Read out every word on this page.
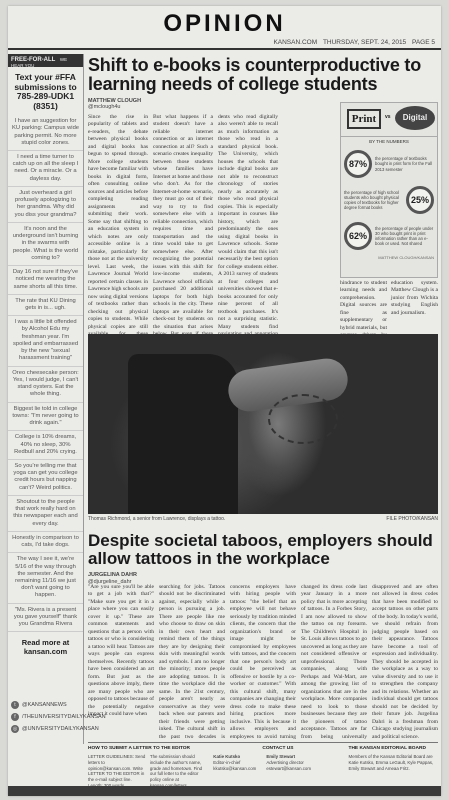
OPINION
KANSAN.COM THURSDAY, SEPT. 24, 2015 PAGE 5
FREE-FOR-ALL WE HEAR YOU
Text your #FFA submissions to 785-289-UDK1 (8351)
I have an suggestion for KU parking: Campus wide parking permit. No more stupid color zones.
I need a time turner to catch up on all the sleep I need. Or a miracle. Or a dayless day.
Just overheard a girl profusely apologizing to her grandma. Why did you diss your grandma?
It's noon and the underground isn't burning in the swarms with people. What is the world coming to?
Day 16 not sure if they've noticed me wearing the same shorts all this time.
The rate that KU Dining gets in is... ugh.
I was a little bit offended by Alcohol Edu my freshman year. I'm spoiled and embarrassed by the new "sexual harassment training"
Oreo cheesecake person: Yes, I would judge, I can't stand oysters. Eat the whole thing.
Biggest lie told in college towns: "I'm never going to drink again."
College is 10% dreams, 40% no sleep, 30% Redbull and 20% crying.
So you're telling me that yoga can get you college credit hours but napping can't? Weird politics.
Shoutout to the people that work really hard on this newspaper each and every day.
Honestly in comparison to cats, I'd take dogs.
The way I see it, we're 5/16 of the way through the semester. And the remaining 11/16 we just don't want going to happen.
"Ms. Rivera is a present you gave yourself" thank you Grandma Rivera
Read more at kansan.com
t	@KANSANNEWS
f	/THEUNIVERSITYDAILYKANSAN
◎ @UNIVERSITYDAILYKANSAN
Shift to e-books is counterproductive to learning needs of college students
MATTHEW CLOUGH
@mclough4u
Since the rise in popularity of tablets and e-readers, the debate between physical books and digital books has begun to spread through. More college students have become familiar with books in digital form, often consulting online sources and articles before completing reading assignments and submitting their work. Some say that shifting to an education system in which notes are only accessible online is a mistake, particularly for those not at the university level. Last week, the Lawrence Journal World reported certain classes in Lawrence high schools are now using digital versions of textbooks rather than checking out physical copies to students. While physical copies are still
But what happens if a student doesn't have a reliable internet connection or an internet connection at all? Such a scenario creates inequality between those students whose families have Internet at home and those who don't. As for the Internet-at-home scenario, they must go out of their way to try to find somewhere else with a reliable connection, which requires time and transportation and the time would take to get somewhere else. After recognizing the potential issues with this shift for low-income students, Lawrence school officials purchased 20 additional laptops for both high schools in the city. These laptops are available for check-out by students on the situation that arises
dents who read digitally also weren't able to recall as much information as those who read in a standard physical book. The University, which houses the schools that include digital books are not able to reconstruct chronology of stories nearly as accurately as those who read physical copies. This is especially important in courses like history, which are predominantly the ones using digital books in Lawrence schools. Some would claim that this isn't necessarily the best option for college students either. A 2013 survey of students at four colleges and universities showed that e-books accounted for only nine percent of all textbook purchases. It's not a surprising statistic. Many students find
Print	vs	Digital
BY THE NUMBERS
87%
the percentage of textbooks bought in print form for the Fall 2013 semester
25%
the percentage of high school students who bought physical copies of textbooks for higher degree format books
62%
the percentage of people under 30 who bought print in print information rather than an e-book or used. Not shared
MATTHEW CLOUGH/KANSAN
hindrance to student learning needs and comprehension. Digital sources are fine as supplementary or hybrid materials, but
education system. Matthew Clough is a junior from Wichita studying English and journalism.
Thomas Richmond, a senior from Lawrence, displays a tattoo.	FILE PHOTO/KANSAN
Despite societal taboos, employers should allow tattoos in the workplace
JURGELINA DAHR
@djurgeline_dahr
"Are you sure you'll be able to get a job with that?" "Make sure you get it in a place where you can easily cover it up." These are common statements and questions that a person with tattoos or who is considering a tattoo will hear. Tattoos are ways people can express themselves. Recently tattoos have been considered an art form. But just as the questions above imply, there are many people who are opposed to tattoos because of the potentially negative impact it could have when
searching for jobs. Tattoos should not be discriminated against, especially while a person is pursuing a job. There are people like me who choose to draw on skin in their own heart and remind them of the things they are by designing their skin with meaningful words and symbols. I am no longer the minority; more people are adopting tattoos. It is time the workplace did the same. In the 21st century, people aren't nearly as conservative as they were back when our parents and their friends were getting inked. The cultural shift in the past two decades is
concerns employers have with hiring people with tattoos: "the belief that an employee will not behave seriously by tradition minded clients, the concern that the organization's brand or image might be compromised by employees with tattoos, and the concern that one person's body art could be perceived as offensive or hostile by a co-worker or customer." With this cultural shift, many companies are changing their dress code to make these hiring practices more inclusive. This is because it allows employers and employees to avoid turning
changed its dress code last year January in a more policy that is more accepting of tattoos. In a Forbes Story, I am now allowed to show the tattoo on my forearm. The Children's Hospital in St. Louis allows tattoos to go uncovered as long as they are not considered offensive or unprofessional. Those companies, along with Perhaps and Wal-Mart, are among the growing list of organizations that are in the workplace. More companies need to look to those businesses because they are the pioneers of tattoo acceptance. Tattoos are far from being universally
disapproved and are often not allowed in dress codes that have been modified to accept tattoos on other parts of the body. In today's world, we should refrain from judging people based on their appearance. Tattoos have become a tool of expression and individuality. They should be accepted in the workplace as a way to value diversity and to use it to strengthen the company and its relations. Whether an individual should get tattoos should not be decided by their future job. Jurgelina Dahri is a freshman from Chicago studying journalism and political science.
HOW TO SUBMIT A LETTER TO THE EDITOR
LETTER GUIDELINES: Send letters to opinion@kansan.com. Write LETTER TO THE EDITOR in the e-mail subject line.
The submission should include the author's name, grade and hometown. Find our full letter to the editor policy online at
CONTACT US
Katie Kutsko
Editor-in-chief
kkutsko@kansan.com
Emily Stewart
Advertising director
estewart@kansan.com
THE KANSAN EDITORIAL BOARD
Members of the Kansan Editorial Board are Katie Kutsko, Emma LeGault, Kyle Pappas, Emily Stewart and Ameaa Fritz.
